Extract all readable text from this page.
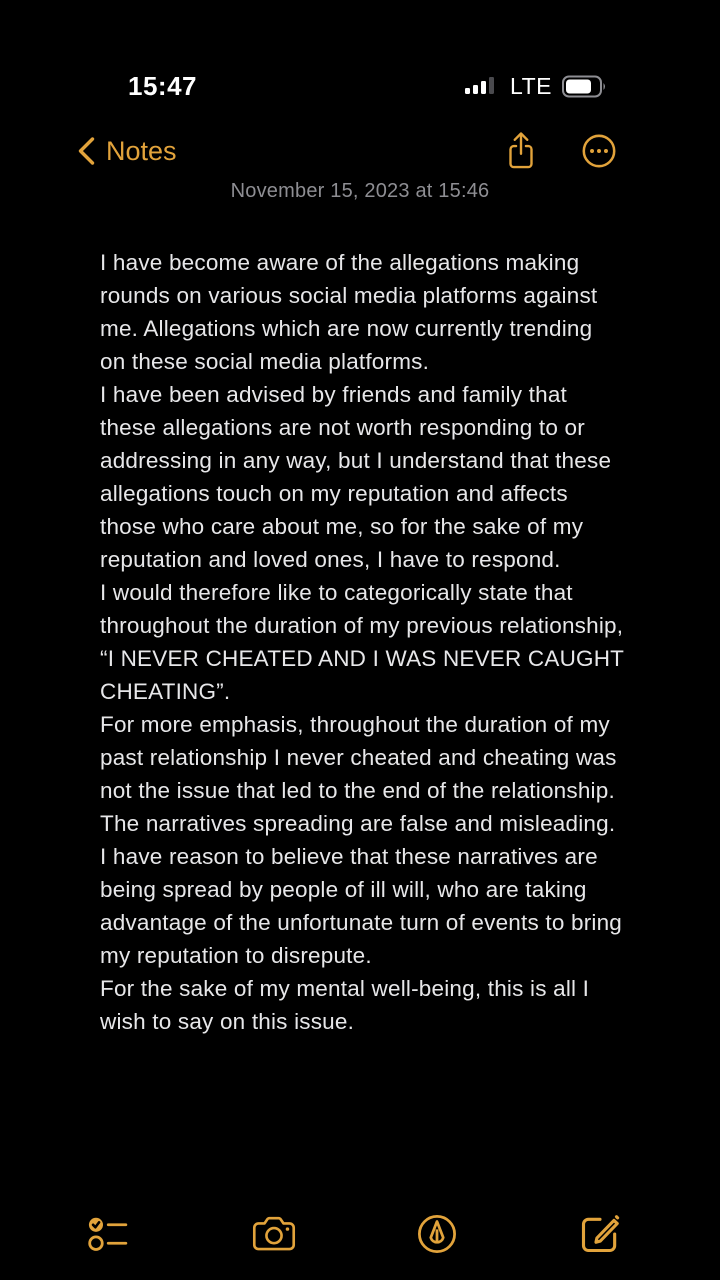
15:47	LTE
Notes
November 15, 2023 at 15:46

I have become aware of the allegations making rounds on various social media platforms against me. Allegations which are now currently trending on these social media platforms.

I have been advised by friends and family that these allegations are not worth responding to or addressing in any way, but I understand that these allegations touch on my reputation and affects those who care about me, so for the sake of my reputation and loved ones, I have to respond.

I would therefore like to categorically state that throughout the duration of my previous relationship, “I NEVER CHEATED AND I WAS NEVER CAUGHT CHEATING”.

For more emphasis, throughout the duration of my past relationship I never cheated and cheating was not the issue that led to the end of the relationship. The narratives spreading are false and misleading. I have reason to believe that these narratives are being spread by people of ill will, who are taking advantage of the unfortunate turn of events to bring my reputation to disrepute.

For the sake of my mental well-being, this is all I wish to say on this issue.
